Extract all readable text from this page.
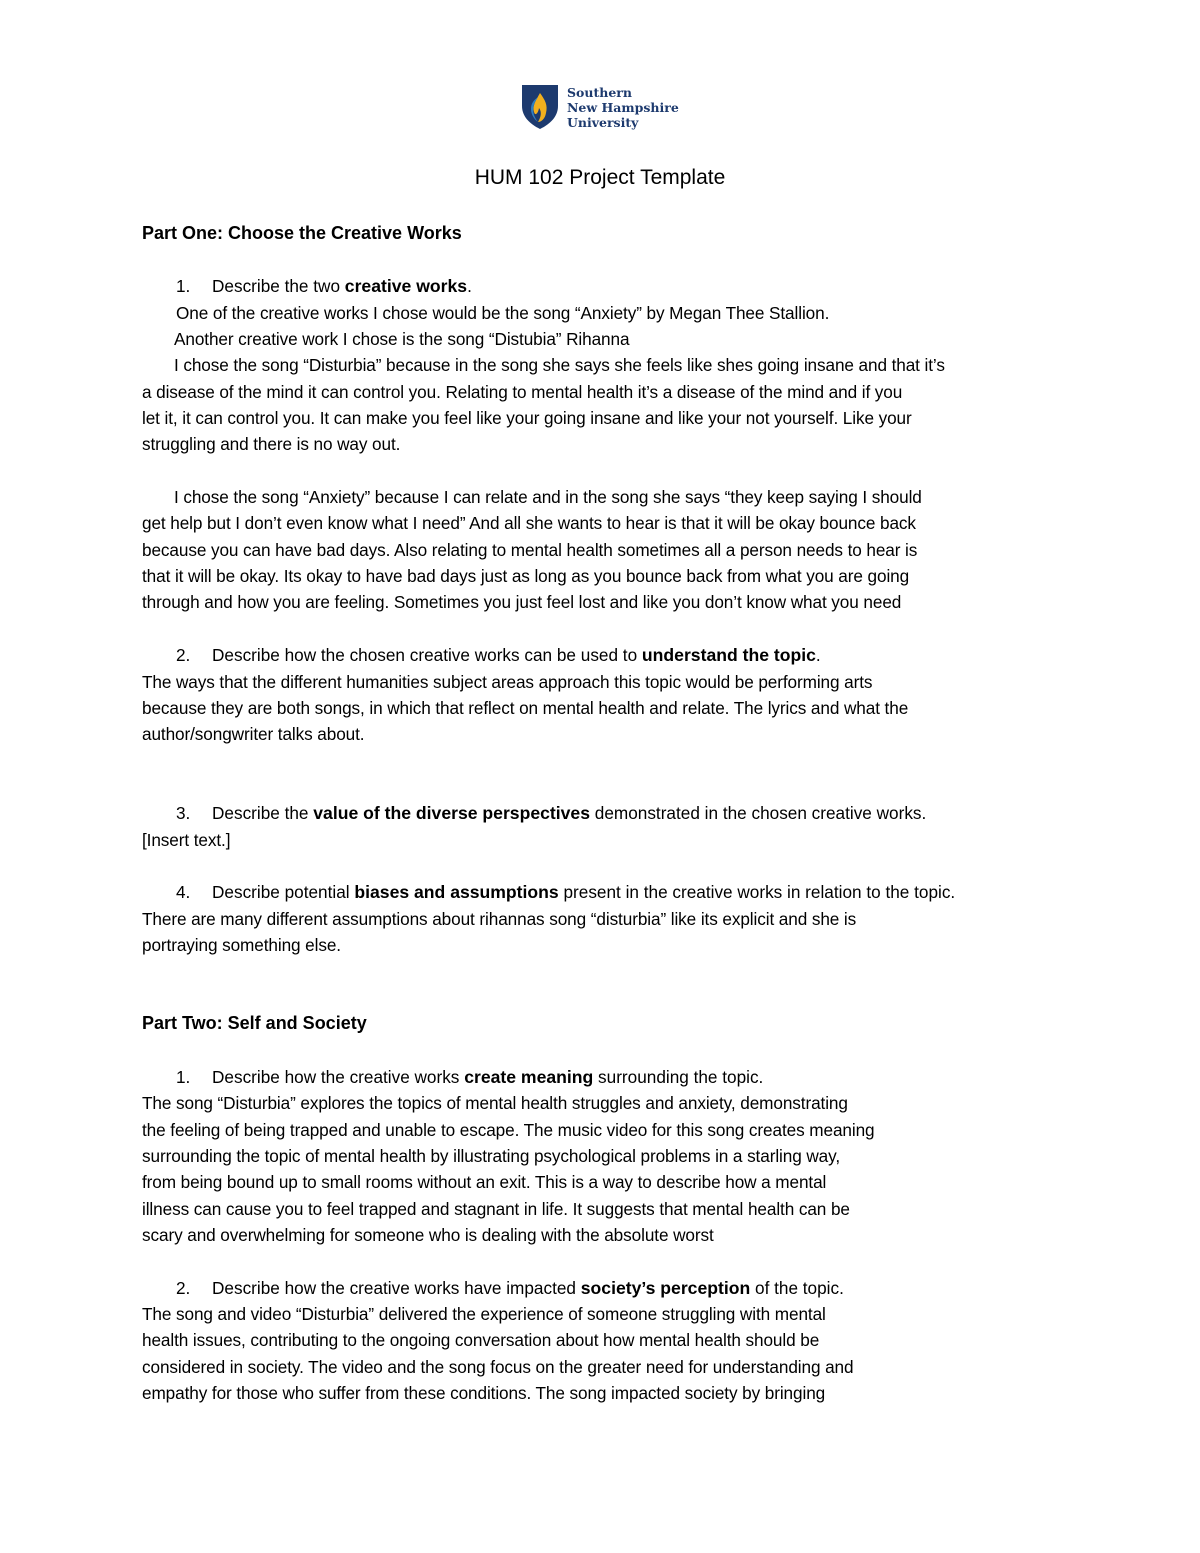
Southern
New Hampshire
University
HUM 102 Project Template
Part One: Choose the Creative Works
1. Describe the two creative works.
One of the creative works I chose would be the song “Anxiety” by Megan Thee Stallion.
Another creative work I chose is the song “Distubia” Rihanna
I chose the song “Disturbia” because in the song she says she feels like shes going insane and that it’s
a disease of the mind it can control you. Relating to mental health it’s a disease of the mind and if you
let it, it can control you. It can make you feel like your going insane and like your not yourself. Like your
struggling and there is no way out.
I chose the song “Anxiety” because I can relate and in the song she says “they keep saying I should
get help but I don’t even know what I need” And all she wants to hear is that it will be okay bounce back
because you can have bad days. Also relating to mental health sometimes all a person needs to hear is
that it will be okay. Its okay to have bad days just as long as you bounce back from what you are going
through and how you are feeling. Sometimes you just feel lost and like you don’t know what you need
2. Describe how the chosen creative works can be used to understand the topic.
The ways that the different humanities subject areas approach this topic would be performing arts
because they are both songs, in which that reflect on mental health and relate. The lyrics and what the
author/songwriter talks about.
3. Describe the value of the diverse perspectives demonstrated in the chosen creative works.
[Insert text.]
4. Describe potential biases and assumptions present in the creative works in relation to the topic.
There are many different assumptions about rihannas song “disturbia” like its explicit and she is
portraying something else.
Part Two: Self and Society
1. Describe how the creative works create meaning surrounding the topic.
The song “Disturbia” explores the topics of mental health struggles and anxiety, demonstrating
the feeling of being trapped and unable to escape. The music video for this song creates meaning
surrounding the topic of mental health by illustrating psychological problems in a starling way,
from being bound up to small rooms without an exit. This is a way to describe how a mental
illness can cause you to feel trapped and stagnant in life. It suggests that mental health can be
scary and overwhelming for someone who is dealing with the absolute worst
2. Describe how the creative works have impacted society’s perception of the topic.
The song and video “Disturbia” delivered the experience of someone struggling with mental
health issues, contributing to the ongoing conversation about how mental health should be
considered in society. The video and the song focus on the greater need for understanding and
empathy for those who suffer from these conditions. The song impacted society by bringing
